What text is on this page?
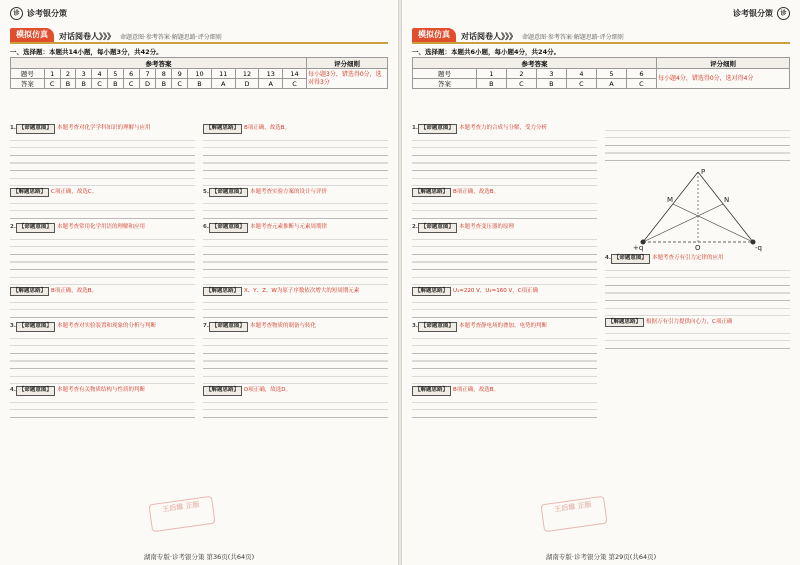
诊 诊考银分策
模拟仿真	对话阅卷人》》》 命题意图·参考答案·解题思路·评分细则
一、选择题：本题共14小题，每小题3分，共42分。
参考答案															评分细则
题号	1	2	3	4	5	6	7	8	9	10	11	12	13	14	每小题3分，错选得0分，选对得3分
答案	C	B	B	C	B	C	D	B	C	B	A	D	A	C	
1. 【命题意图】 本题考查对化学学科知识的理解与应用
【解题思路】 C项正确，故选C。
2. 【命题意图】 本题考查常用化学用语的理解和应用
【解题思路】 B项正确，故选B。
3. 【命题意图】 本题考查对实验装置和现象的分析与判断
4. 【命题意图】 本题考查有关物质结构与性质的判断
【解题思路】 B项正确，故选B。
5. 【命题意图】 本题考查实验方案的设计与评价
6. 【命题意图】 本题考查元素推断与元素周期律
【解题思路】 X、Y、Z、W为原子序数依次增大的短周期元素
7. 【命题意图】 本题考查物质的制备与转化
【解题思路】 D项正确，故选D。
王后雄 正版
湖南专版·诊考银分策 第36页(共64页)
诊考银分策	诊
模拟仿真	对话阅卷人》》》 命题意图·参考答案·解题思路·评分细则
一、选择题：本题共6小题，每小题4分，共24分。
参考答案							评分细则
题号	1	2	3	4	5	6	每小题4分，错选得0分，选对得4分
答案	B	C	B	C	A	C	
1. 【命题意图】 本题考查力的合成与分解，受力分析
【解题思路】 B项正确，故选B。
2. 【命题意图】 本题考查变压器的原理
【解题思路】 U₁=220 V，U₂=160 V，C项正确
3. 【命题意图】 本题考查静电场的叠加、电势的判断
【解题思路】 B项正确，故选B。
P
+q	-q
M	N
O
4. 【命题意图】 本题考查万有引力定律的应用
【解题思路】 根据万有引力提供向心力，C项正确
王后雄 正版
湖南专版·诊考银分策 第29页(共64页)
